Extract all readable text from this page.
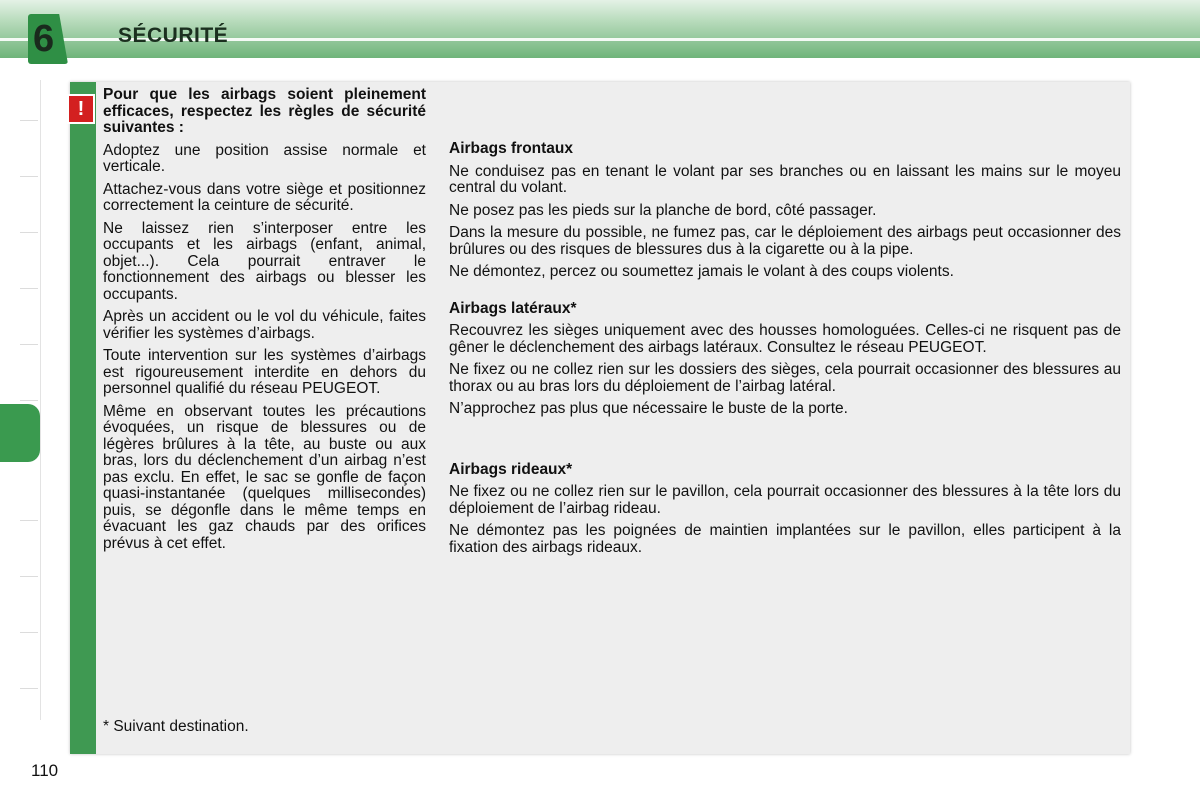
6	SÉCURITÉ
!

Pour que les airbags soient pleinement efficaces, respectez les règles de sécurité suivantes :

Adoptez une position assise normale et verticale.

Attachez-vous dans votre siège et positionnez correctement la ceinture de sécurité.

Ne laissez rien s’interposer entre les occupants et les airbags (enfant, animal, objet...). Cela pourrait entraver le fonctionnement des airbags ou blesser les occupants.

Après un accident ou le vol du véhicule, faites vérifier les systèmes d’airbags.

Toute intervention sur les systèmes d’airbags est rigoureusement interdite en dehors du personnel qualifié du réseau PEUGEOT.

Même en observant toutes les précautions évoquées, un risque de blessures ou de légères brûlures à la tête, au buste ou aux bras, lors du déclenchement d’un airbag n’est pas exclu. En effet, le sac se gonfle de façon quasi-instantanée (quelques millisecondes) puis, se dégonfle dans le même temps en évacuant les gaz chauds par des orifices prévus à cet effet.

Airbags frontaux

Ne conduisez pas en tenant le volant par ses branches ou en laissant les mains sur le moyeu central du volant.

Ne posez pas les pieds sur la planche de bord, côté passager.

Dans la mesure du possible, ne fumez pas, car le déploiement des airbags peut occasionner des brûlures ou des risques de blessures dus à la cigarette ou à la pipe.

Ne démontez, percez ou soumettez jamais le volant à des coups violents.

Airbags latéraux*

Recouvrez les sièges uniquement avec des housses homologuées. Celles-ci ne risquent pas de gêner le déclenchement des airbags latéraux. Consultez le réseau PEUGEOT.

Ne fixez ou ne collez rien sur les dossiers des sièges, cela pourrait occasionner des blessures au thorax ou au bras lors du déploiement de l’airbag latéral.

N’approchez pas plus que nécessaire le buste de la porte.

Airbags rideaux*

Ne fixez ou ne collez rien sur le pavillon, cela pourrait occasionner des blessures à la tête lors du déploiement de l’airbag rideau.

Ne démontez pas les poignées de maintien implantées sur le pavillon, elles participent à la fixation des airbags rideaux.

* Suivant destination.
110
